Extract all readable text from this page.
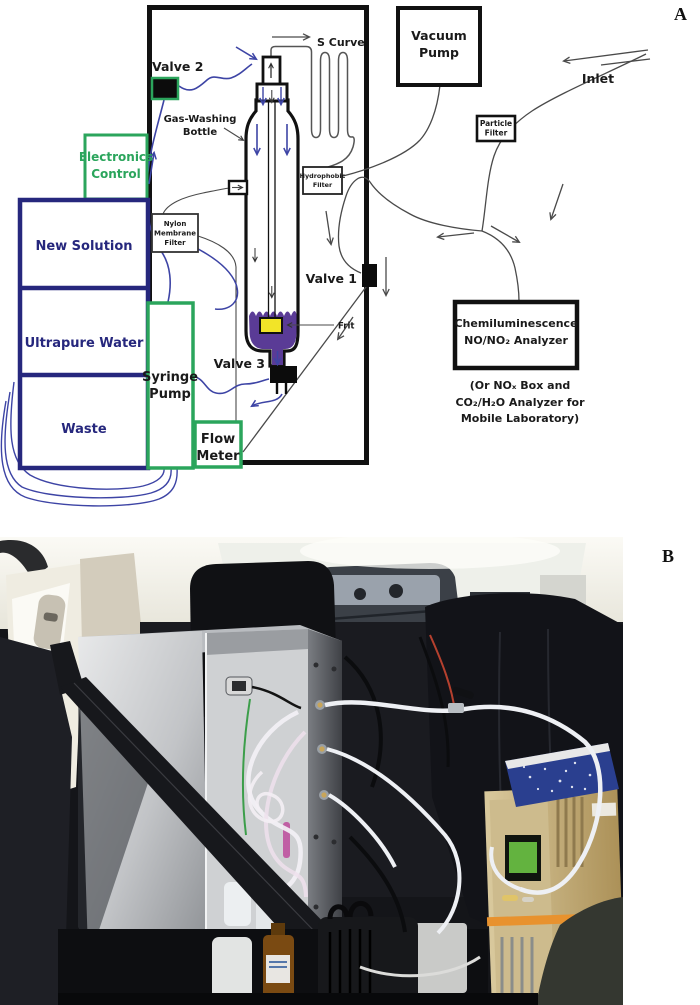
Valve 2
Valve 1
Valve 3
Gas-Washing
Bottle
S Curve
Hydrophobic
Filter
Nylon
Membrane
Filter
Frit
Electronics
Control
New Solution
Ultrapure Water
Waste
Syringe
Pump
Flow
Meter
Vacuum
Pump
Inlet
Particle
Filter
Chemiluminescence
NO/NO₂ Analyzer
(Or NOₓ Box and
CO₂/H₂O Analyzer for
Mobile Laboratory)
A
B
